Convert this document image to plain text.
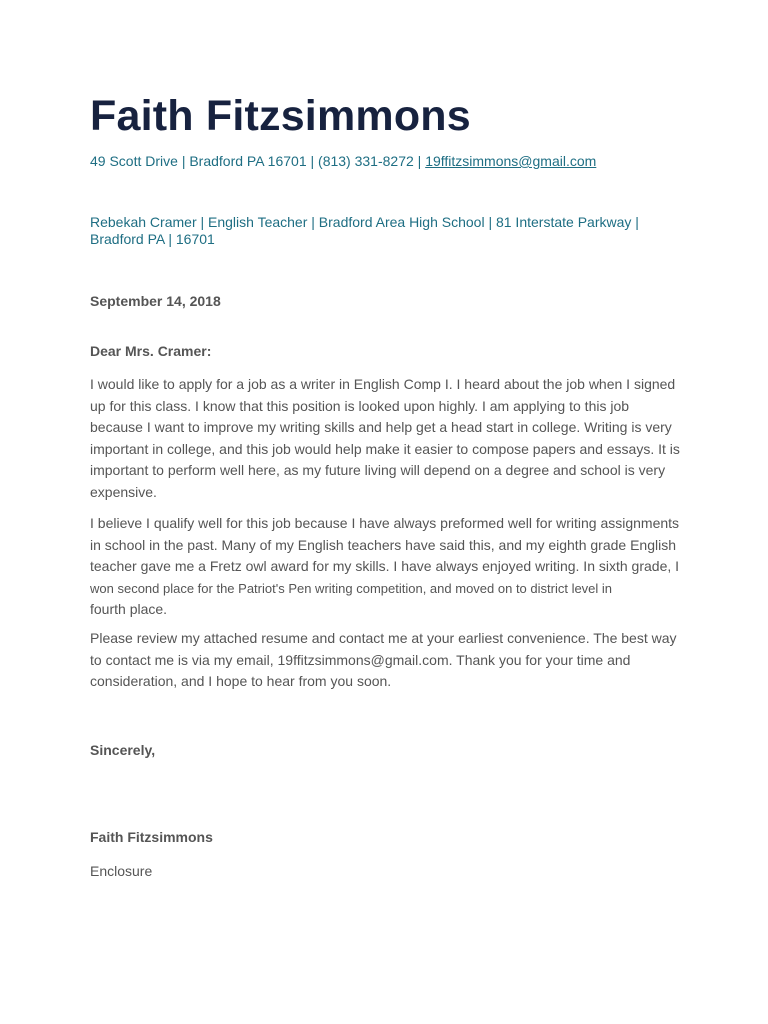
Faith Fitzsimmons
49 Scott Drive | Bradford PA 16701 | (813) 331-8272 | 19ffitzsimmons@gmail.com
Rebekah Cramer | English Teacher | Bradford Area High School | 81 Interstate Parkway |
Bradford PA | 16701
September 14, 2018
Dear Mrs. Cramer:

I would like to apply for a job as a writer in English Comp I. I heard about the job when I signed
up for this class. I know that this position is looked upon highly. I am applying to this job
because I want to improve my writing skills and help get a head start in college. Writing is very
important in college, and this job would help make it easier to compose papers and essays. It is
important to perform well here, as my future living will depend on a degree and school is very
expensive.

I believe I qualify well for this job because I have always preformed well for writing assignments
in school in the past. Many of my English teachers have said this, and my eighth grade English
teacher gave me a Fretz owl award for my skills. I have always enjoyed writing. In sixth grade, I
won second place for the Patriot's Pen writing competition, and moved on to district level in
fourth place.

Please review my attached resume and contact me at your earliest convenience. The best way
to contact me is via my email, 19ffitzsimmons@gmail.com. Thank you for your time and
consideration, and I hope to hear from you soon.

Sincerely,
Faith Fitzsimmons
Enclosure
